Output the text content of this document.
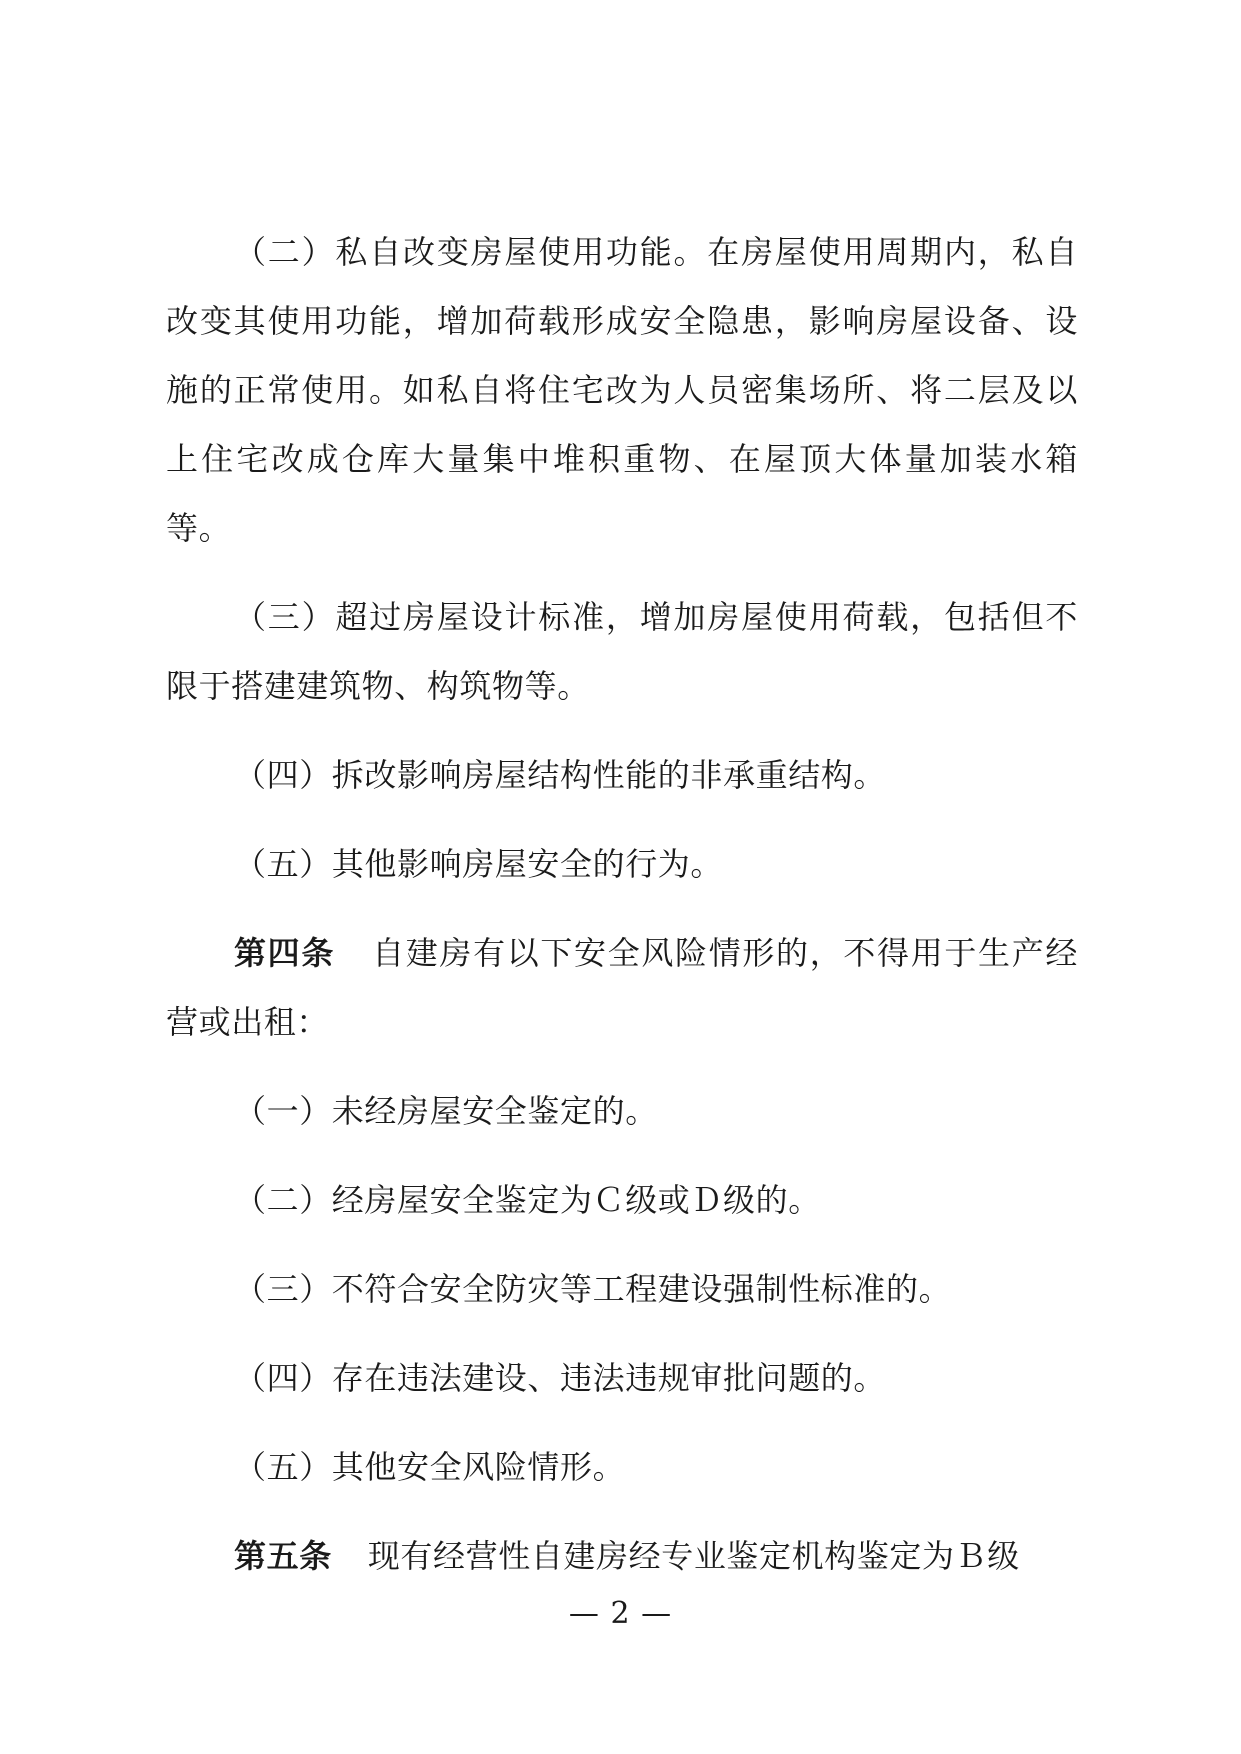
（二）私自改变房屋使用功能。在房屋使用周期内，私自改变其使用功能，增加荷载形成安全隐患，影响房屋设备、设施的正常使用。如私自将住宅改为人员密集场所、将二层及以上住宅改成仓库大量集中堆积重物、在屋顶大体量加装水箱等。

（三）超过房屋设计标准，增加房屋使用荷载，包括但不限于搭建建筑物、构筑物等。

（四）拆改影响房屋结构性能的非承重结构。

（五）其他影响房屋安全的行为。

第四条 自建房有以下安全风险情形的，不得用于生产经营或出租：

（一）未经房屋安全鉴定的。

（二）经房屋安全鉴定为Ｃ级或Ｄ级的。

（三）不符合安全防灾等工程建设强制性标准的。

（四）存在违法建设、违法违规审批问题的。

（五）其他安全风险情形。

第五条 现有经营性自建房经专业鉴定机构鉴定为Ｂ级

— 2 —
